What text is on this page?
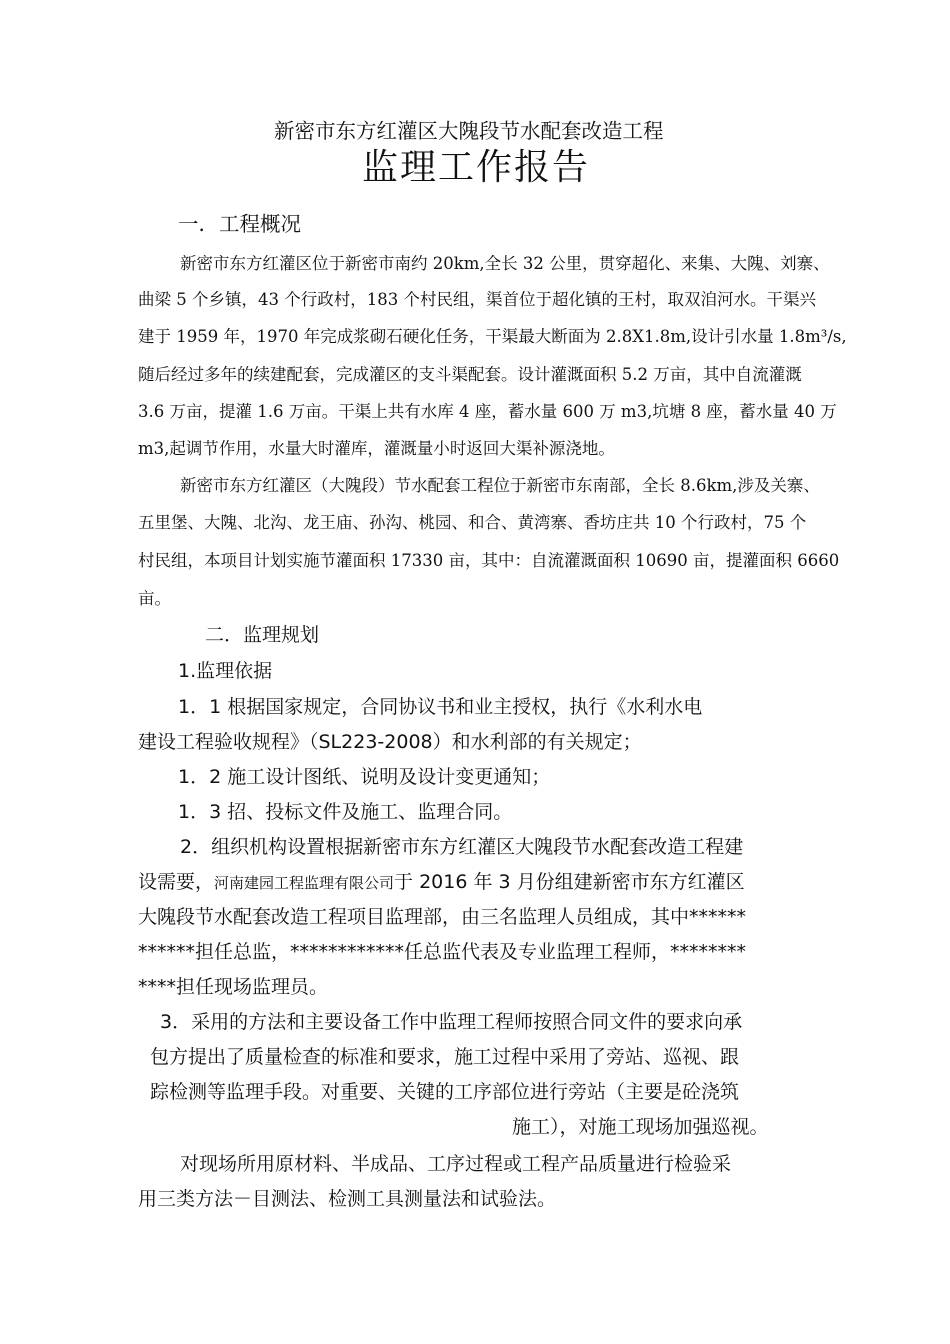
新密市东方红灌区大隗段节水配套改造工程
监理工作报告
一．工程概况
新密市东方红灌区位于新密市南约 20km,全长 32 公里，贯穿超化、来集、大隗、刘寨、
曲梁 5 个乡镇，43 个行政村，183 个村民组，渠首位于超化镇的王村，取双洎河水。干渠兴
建于 1959 年，1970 年完成浆砌石硬化任务，干渠最大断面为 2.8X1.8m,设计引水量 1.8m³/s,
随后经过多年的续建配套，完成灌区的支斗渠配套。设计灌溉面积 5.2 万亩，其中自流灌溉
3.6 万亩，提灌 1.6 万亩。干渠上共有水库 4 座，蓄水量 600 万 m3,坑塘 8 座，蓄水量 40 万
m3,起调节作用，水量大时灌库，灌溉量小时返回大渠补源浇地。
新密市东方红灌区（大隗段）节水配套工程位于新密市东南部，全长 8.6km,涉及关寨、
五里堡、大隗、北沟、龙王庙、孙沟、桃园、和合、黄湾寨、香坊庄共 10 个行政村，75 个
村民组，本项目计划实施节灌面积 17330 亩，其中：自流灌溉面积 10690 亩，提灌面积 6660
亩。
二．监理规划
1.监理依据
1．1 根据国家规定，合同协议书和业主授权，执行《水利水电
建设工程验收规程》（SL223-2008）和水利部的有关规定；
1．2 施工设计图纸、说明及设计变更通知；
1．3 招、投标文件及施工、监理合同。
2．组织机构设置根据新密市东方红灌区大隗段节水配套改造工程建
设需要，河南建园工程监理有限公司于 2016 年 3 月份组建新密市东方红灌区
大隗段节水配套改造工程项目监理部，由三名监理人员组成，其中******
******担任总监，************任总监代表及专业监理工程师，********
****担任现场监理员。
3．采用的方法和主要设备工作中监理工程师按照合同文件的要求向承
包方提出了质量检查的标准和要求，施工过程中采用了旁站、巡视、跟
踪检测等监理手段。对重要、关键的工序部位进行旁站（主要是砼浇筑
施工），对施工现场加强巡视。
对现场所用原材料、半成品、工序过程或工程产品质量进行检验采
用三类方法－目测法、检测工具测量法和试验法。
